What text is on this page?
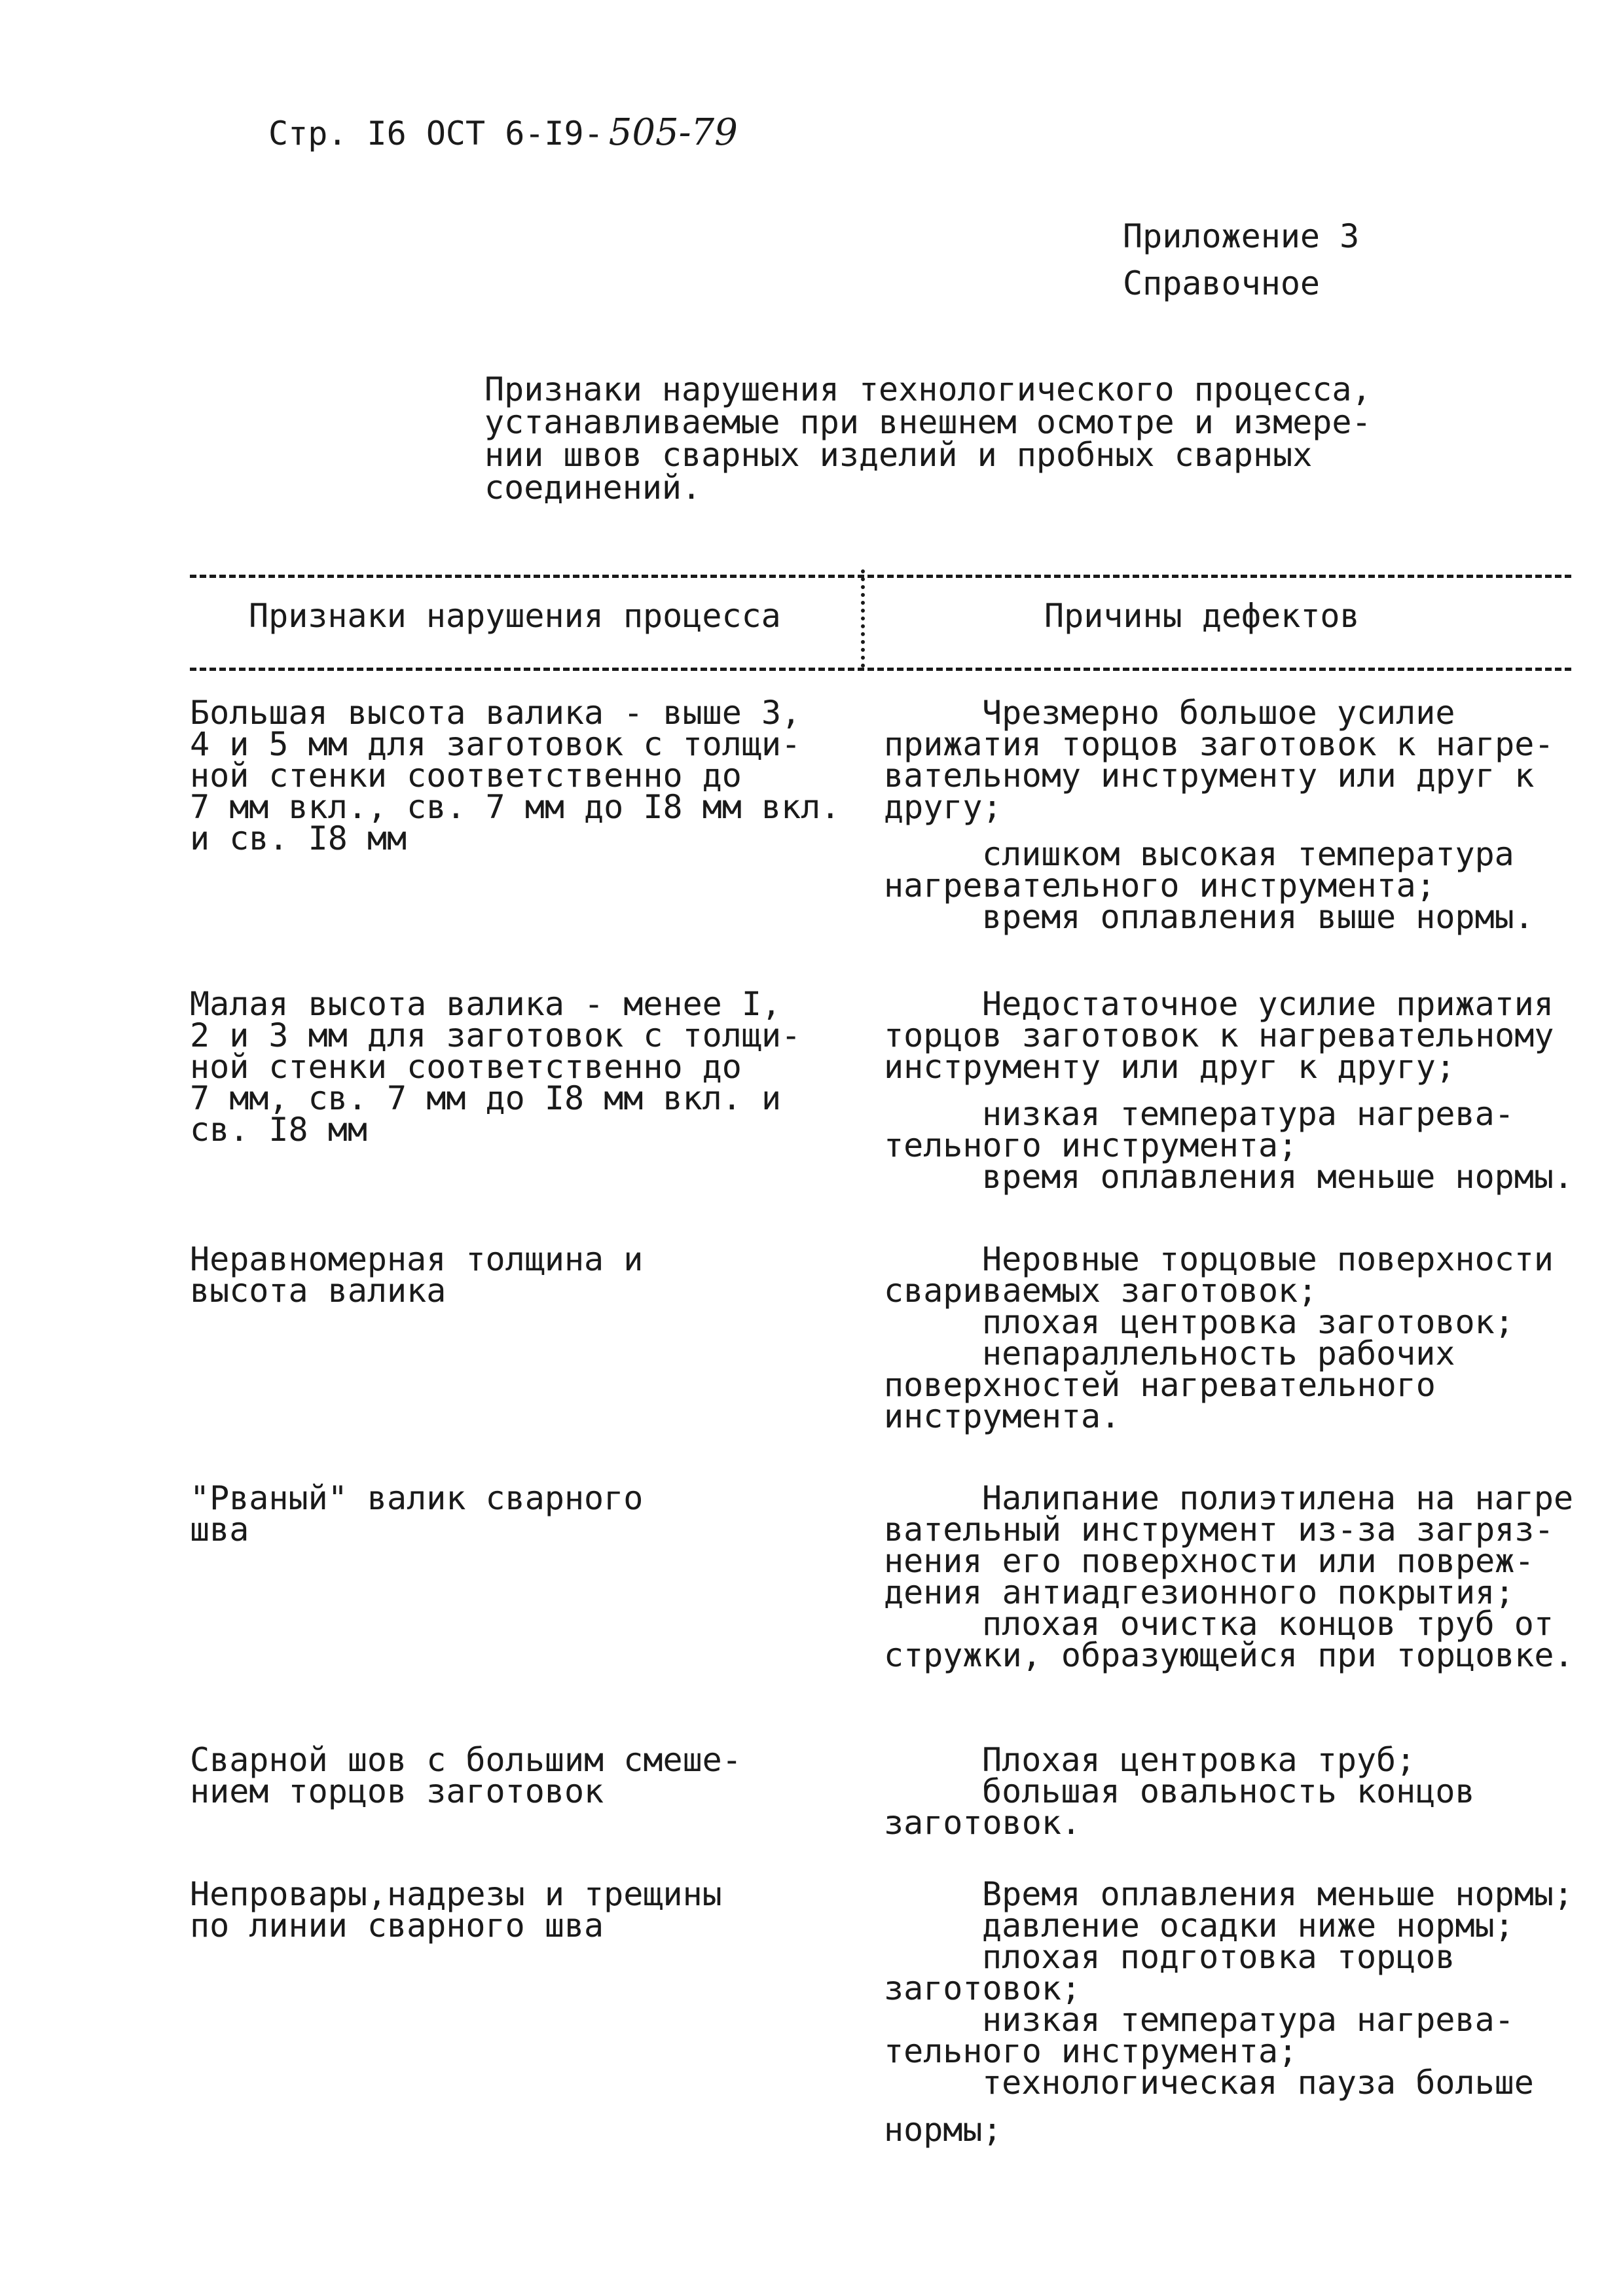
Стр. I6 ОСТ 6-I9- 505-79
Приложение 3
Справочное
Признаки нарушения технологического процесса,
устанавливаемые при внешнем осмотре и измере-
нии швов сварных изделий и пробных сварных
соединений.
Признаки нарушения процесса	Причины дефектов
Большая высота валика - выше 3,
4 и 5 мм для заготовок с толщи-
ной стенки соответственно до
7 мм вкл., св. 7 мм до I8 мм вкл.
и св. I8 мм
Чрезмерно большое усилие
прижатия торцов заготовок к нагре-
вательному инструменту или друг к
другу;
слишком высокая температура
нагревательного инструмента;
время оплавления выше нормы.
Малая высота валика - менее I,
2 и 3 мм для заготовок с толщи-
ной стенки соответственно до
7 мм, св. 7 мм до I8 мм вкл. и
св. I8 мм
Недостаточное усилие прижатия
торцов заготовок к нагревательному
инструменту или друг к другу;
низкая температура нагрева-
тельного инструмента;
время оплавления меньше нормы.
Неравномерная толщина и
высота валика
Неровные торцовые поверхности
свариваемых заготовок;
плохая центровка заготовок;
непараллельность рабочих
поверхностей нагревательного
инструмента.
"Рваный" валик сварного
шва
Налипание полиэтилена на нагре
вательный инструмент из-за загряз-
нения его поверхности или повреж-
дения антиадгезионного покрытия;
плохая очистка концов труб от
стружки, образующейся при торцовке.
Сварной шов с большим смеше-
нием торцов заготовок
Плохая центровка труб;
большая овальность концов
заготовок.
Непровары,надрезы и трещины
по линии сварного шва
Время оплавления меньше нормы;
давление осадки ниже нормы;
плохая подготовка торцов
заготовок;
низкая температура нагрева-
тельного инструмента;
технологическая пауза больше
нормы;
